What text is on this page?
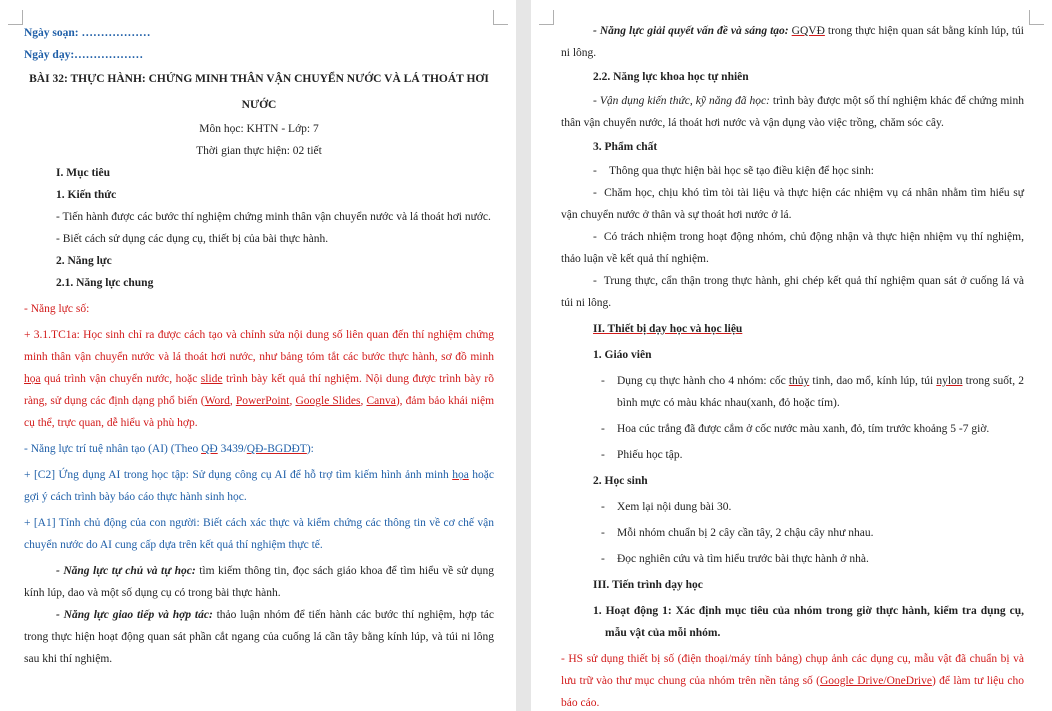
Ngày soạn: ………………

Ngày dạy:………………

BÀI 32: THỰC HÀNH: CHỨNG MINH THÂN VẬN CHUYỂN NƯỚC VÀ LÁ THOÁT HƠI

NƯỚC

Môn học: KHTN - Lớp: 7

Thời gian thực hiện: 02 tiết

I. Mục tiêu

1. Kiến thức

- Tiến hành được các bước thí nghiệm chứng minh thân vận chuyển nước và lá thoát hơi nước.

- Biết cách sử dụng các dụng cụ, thiết bị của bài thực hành.

2. Năng lực

2.1. Năng lực chung

- Năng lực số:

+ 3.1.TC1a: Học sinh chỉ ra được cách tạo và chỉnh sửa nội dung số liên quan đến thí nghiệm chứng minh thân vận chuyển nước và lá thoát hơi nước, như bảng tóm tắt các bước thực hành, sơ đồ minh họa quá trình vận chuyển nước, hoặc slide trình bày kết quả thí nghiệm. Nội dung được trình bày rõ ràng, sử dụng các định dạng phổ biến (Word, PowerPoint, Google Slides, Canva), đảm bảo khái niệm cụ thể, trực quan, dễ hiểu và phù hợp.

- Năng lực trí tuệ nhân tạo (AI) (Theo QĐ 3439/QĐ-BGDĐT):

+ [C2] Ứng dụng AI trong học tập: Sử dụng công cụ AI để hỗ trợ tìm kiếm hình ảnh minh họa hoặc gợi ý cách trình bày báo cáo thực hành sinh học.

+ [A1] Tính chủ động của con người: Biết cách xác thực và kiểm chứng các thông tin về cơ chế vận chuyển nước do AI cung cấp dựa trên kết quả thí nghiệm thực tế.

- Năng lực tự chủ và tự học: tìm kiếm thông tin, đọc sách giáo khoa để tìm hiểu về sử dụng kính lúp, dao và một số dụng cụ có trong bài thực hành.

- Năng lực giao tiếp và hợp tác: thảo luận nhóm để tiến hành các bước thí nghiệm, hợp tác trong thực hiện hoạt động quan sát phần cắt ngang của cuống lá cần tây bằng kính lúp, và túi ni lông sau khi thí nghiệm.

- Năng lực giải quyết vấn đề và sáng tạo: GQVĐ trong thực hiện quan sát bằng kính lúp, túi ni lông.

2.2. Năng lực khoa học tự nhiên

- Vận dụng kiến thức, kỹ năng đã học: trình bày được một số thí nghiệm khác để chứng minh thân vận chuyển nước, lá thoát hơi nước và vận dụng vào việc trồng, chăm sóc cây.

3. Phẩm chất

- Thông qua thực hiện bài học sẽ tạo điều kiện để học sinh:

-  Chăm học, chịu khó tìm tòi tài liệu và thực hiện các nhiệm vụ cá nhân nhằm tìm hiểu sự vận chuyển nước ở thân và sự thoát hơi nước ở lá.

-  Có trách nhiệm trong hoạt động nhóm, chủ động nhận và thực hiện nhiệm vụ thí nghiệm, thảo luận về kết quả thí nghiệm.

-  Trung thực, cẩn thận trong thực hành, ghi chép kết quả thí nghiệm quan sát ở cuống lá và túi ni lông.

II. Thiết bị dạy học và học liệu

1. Giáo viên

- Dụng cụ thực hành cho 4 nhóm: cốc thủy tinh, dao mổ, kính lúp, túi nylon trong suốt, 2 bình mực có màu khác nhau(xanh, đỏ hoặc tím).

- Hoa cúc trắng đã được cắm ở cốc nước màu xanh, đỏ, tím trước khoảng 5 -7 giờ.

- Phiếu học tập.

2. Học sinh

- Xem lại nội dung bài 30.

- Mỗi nhóm chuẩn bị 2 cây cần tây, 2 chậu cây như nhau.

- Đọc nghiên cứu và tìm hiểu trước bài thực hành ở nhà.

III. Tiến trình dạy học

1. Hoạt động 1: Xác định mục tiêu của nhóm trong giờ thực hành, kiểm tra dụng cụ, mẫu vật của mỗi nhóm.

- HS sử dụng thiết bị số (điện thoại/máy tính bảng) chụp ảnh các dụng cụ, mẫu vật đã chuẩn bị và lưu trữ vào thư mục chung của nhóm trên nền tảng số (Google Drive/OneDrive) để làm tư liệu cho báo cáo.
